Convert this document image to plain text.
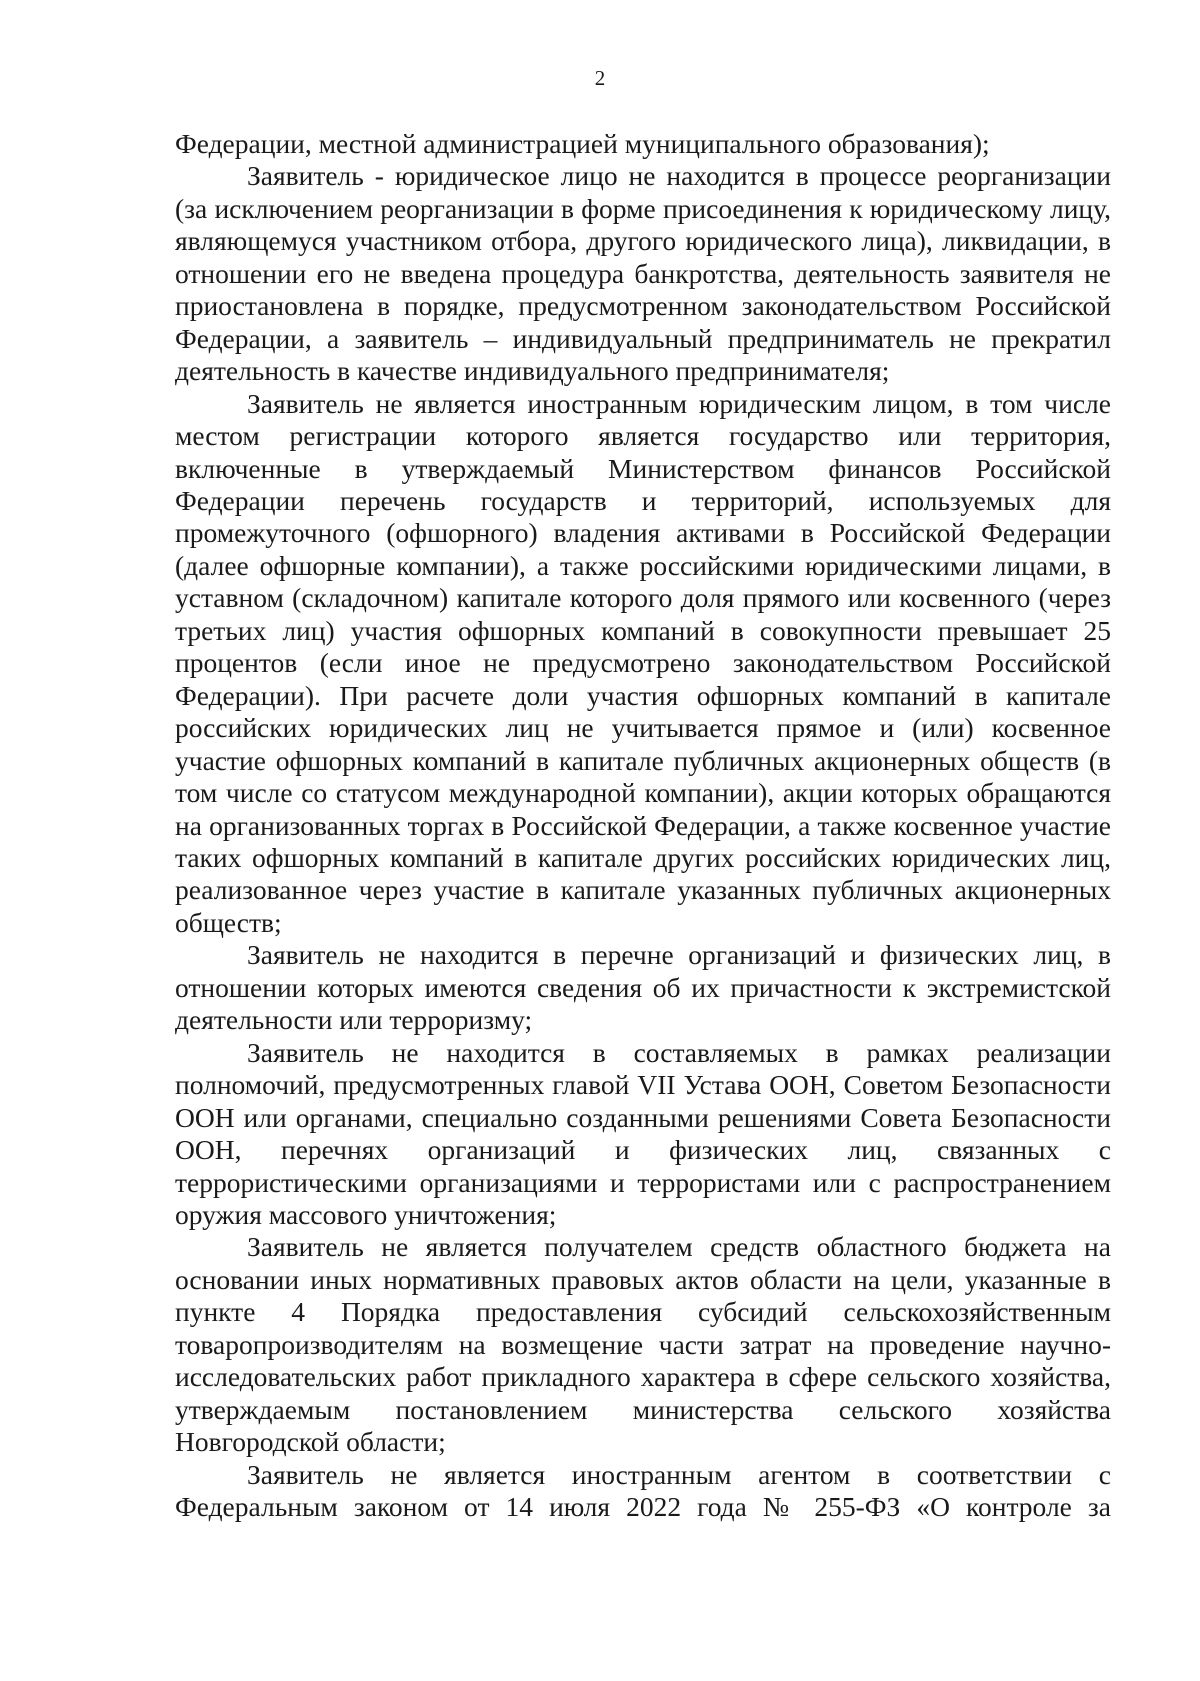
2

Федерации, местной администрацией муниципального образования);

Заявитель - юридическое лицо не находится в процессе реорганизации (за исключением реорганизации в форме присоединения к юридическому лицу, являющемуся участником отбора, другого юридического лица), ликвидации, в отношении его не введена процедура банкротства, деятельность заявителя не приостановлена в порядке, предусмотренном законодательством Российской Федерации, а заявитель – индивидуальный предприниматель не прекратил деятельность в качестве индивидуального предпринимателя;

Заявитель не является иностранным юридическим лицом, в том числе местом регистрации которого является государство или территория, включенные в утверждаемый Министерством финансов Российской Федерации перечень государств и территорий, используемых для промежуточного (офшорного) владения активами в Российской Федерации (далее офшорные компании), а также российскими юридическими лицами, в уставном (складочном) капитале которого доля прямого или косвенного (через третьих лиц) участия офшорных компаний в совокупности превышает 25 процентов (если иное не предусмотрено законодательством Российской Федерации). При расчете доли участия офшорных компаний в капитале российских юридических лиц не учитывается прямое и (или) косвенное участие офшорных компаний в капитале публичных акционерных обществ (в том числе со статусом международной компании), акции которых обращаются на организованных торгах в Российской Федерации, а также косвенное участие таких офшорных компаний в капитале других российских юридических лиц, реализованное через участие в капитале указанных публичных акционерных обществ;

Заявитель не находится в перечне организаций и физических лиц, в отношении которых имеются сведения об их причастности к экстремистской деятельности или терроризму;

Заявитель не находится в составляемых в рамках реализации полномочий, предусмотренных главой VII Устава ООН, Советом Безопасности ООН или органами, специально созданными решениями Совета Безопасности ООН, перечнях организаций и физических лиц, связанных с террористическими организациями и террористами или с распространением оружия массового уничтожения;

Заявитель не является получателем средств областного бюджета на основании иных нормативных правовых актов области на цели, указанные в пункте 4 Порядка предоставления субсидий сельскохозяйственным товаропроизводителям на возмещение части затрат на проведение научно-исследовательских работ прикладного характера в сфере сельского хозяйства, утверждаемым постановлением министерства сельского хозяйства Новгородской области;

Заявитель не является иностранным агентом в соответствии с Федеральным законом от 14 июля 2022 года № 255-ФЗ «О контроле за
